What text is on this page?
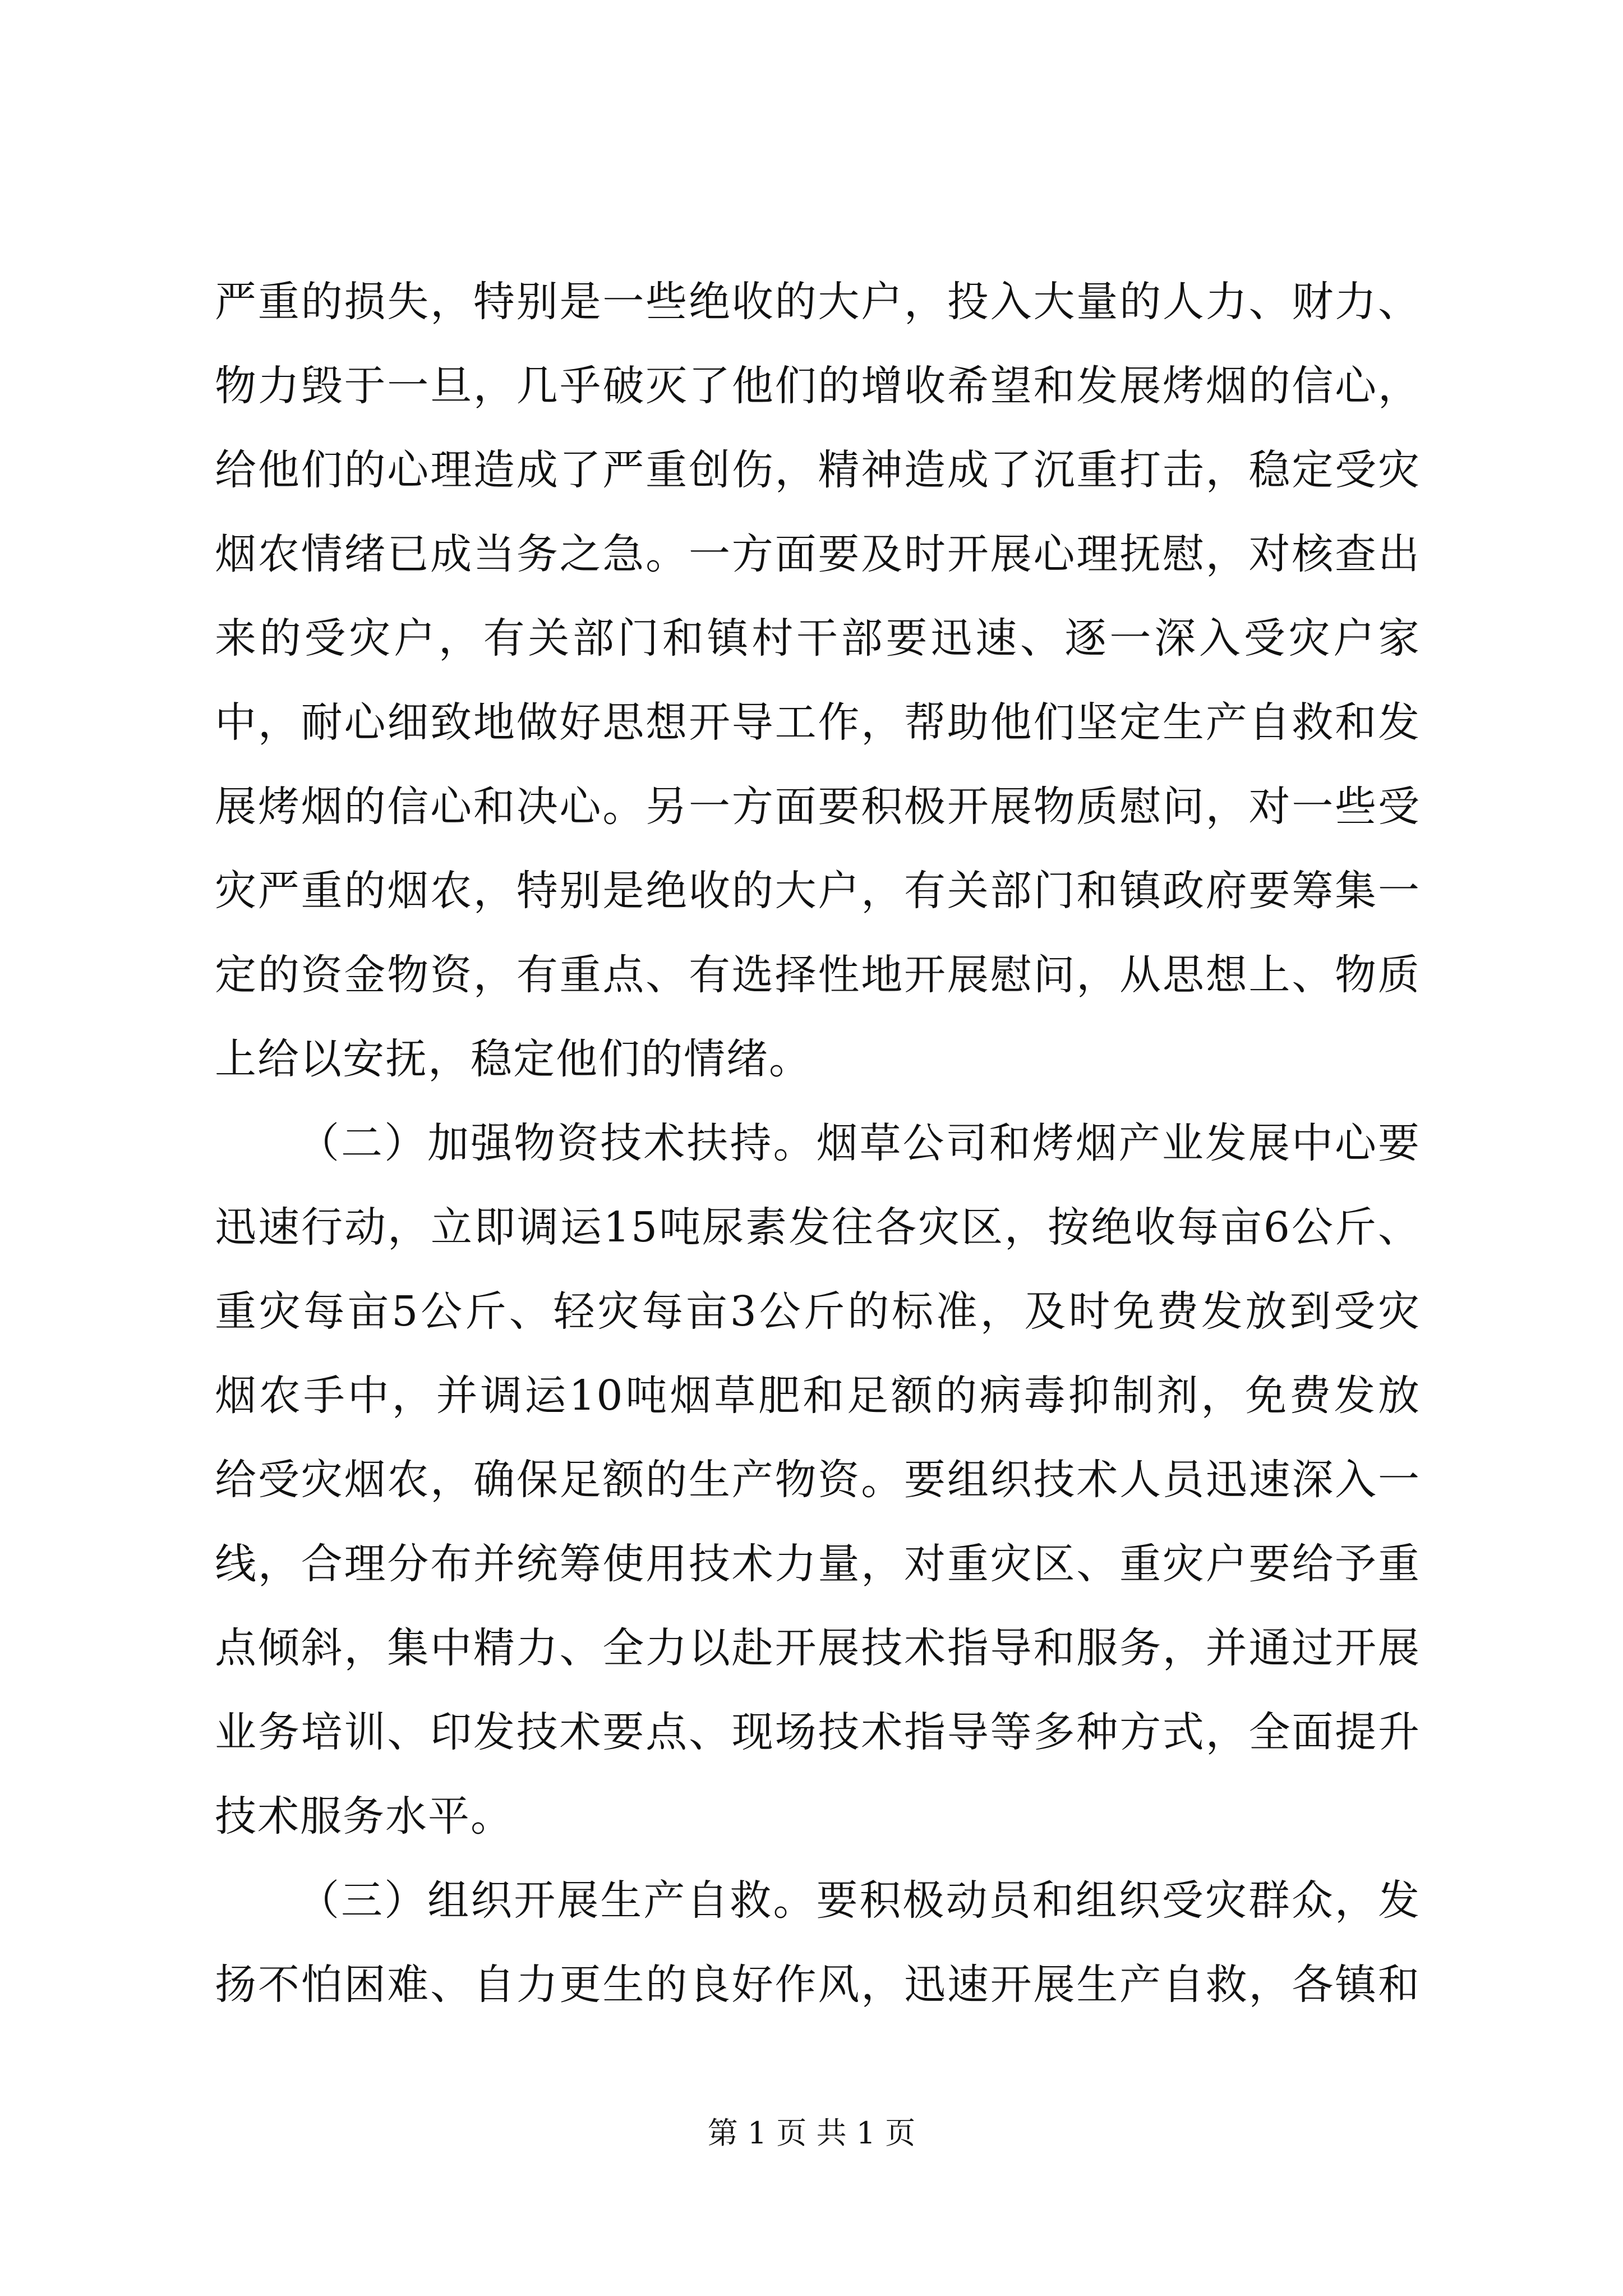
严重的损失，特别是一些绝收的大户，投入大量的人力、财力、物力毁于一旦，几乎破灭了他们的增收希望和发展烤烟的信心，给他们的心理造成了严重创伤，精神造成了沉重打击，稳定受灾烟农情绪已成当务之急。一方面要及时开展心理抚慰，对核查出来的受灾户，有关部门和镇村干部要迅速、逐一深入受灾户家中，耐心细致地做好思想开导工作，帮助他们坚定生产自救和发展烤烟的信心和决心。另一方面要积极开展物质慰问，对一些受灾严重的烟农，特别是绝收的大户，有关部门和镇政府要筹集一定的资金物资，有重点、有选择性地开展慰问，从思想上、物质上给以安抚，稳定他们的情绪。

（二）加强物资技术扶持。烟草公司和烤烟产业发展中心要迅速行动，立即调运15吨尿素发往各灾区，按绝收每亩6公斤、重灾每亩5公斤、轻灾每亩3公斤的标准，及时免费发放到受灾烟农手中，并调运10吨烟草肥和足额的病毒抑制剂，免费发放给受灾烟农，确保足额的生产物资。要组织技术人员迅速深入一线，合理分布并统筹使用技术力量，对重灾区、重灾户要给予重点倾斜，集中精力、全力以赴开展技术指导和服务，并通过开展业务培训、印发技术要点、现场技术指导等多种方式，全面提升技术服务水平。

（三）组织开展生产自救。要积极动员和组织受灾群众，发扬不怕困难、自力更生的良好作风，迅速开展生产自救，各镇和

第 1 页 共 1 页
